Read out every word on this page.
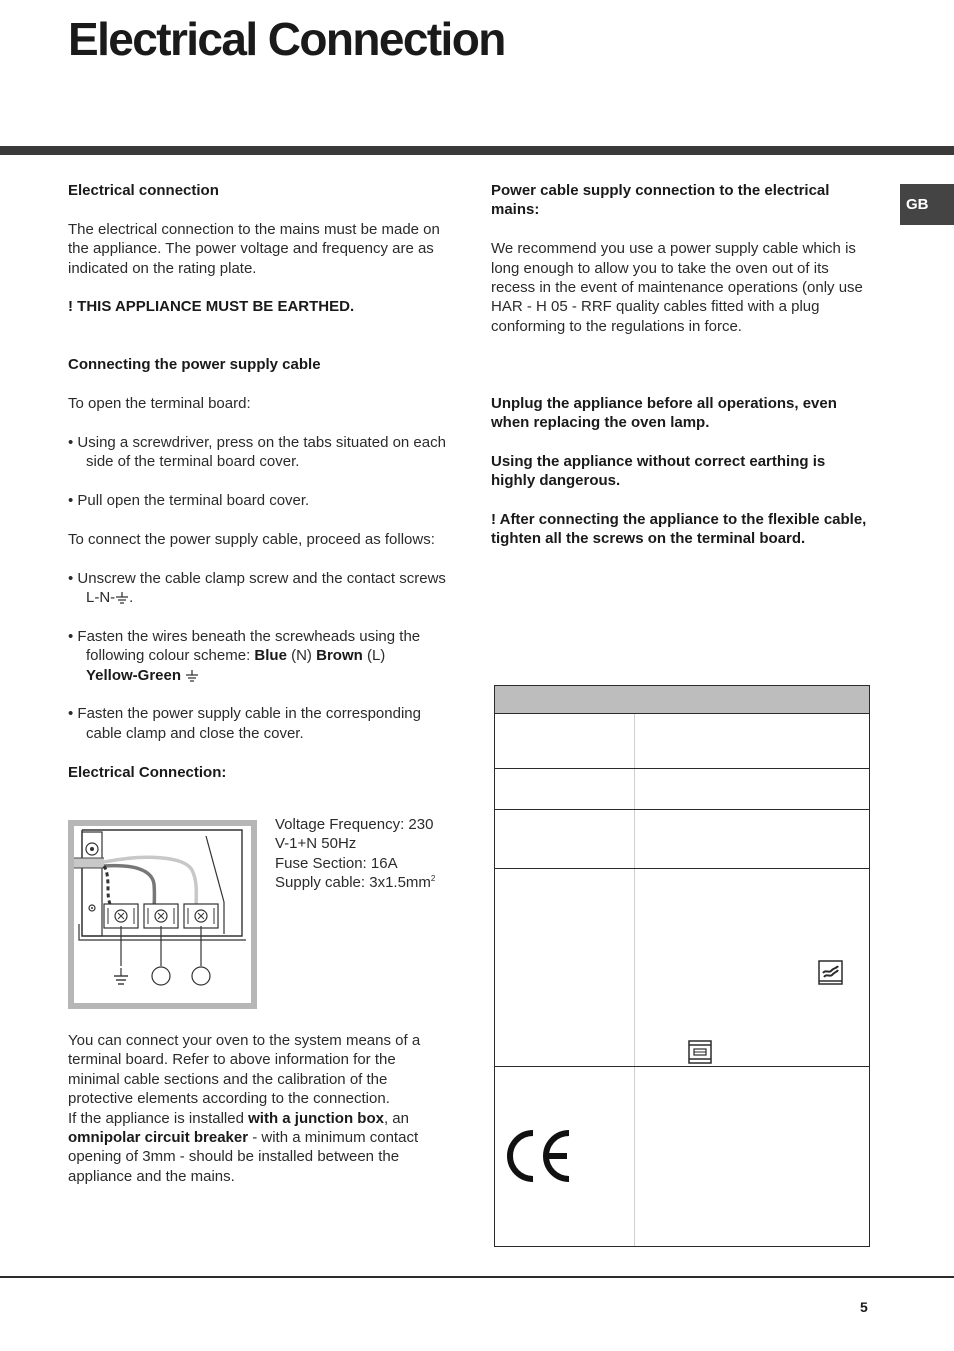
Electrical Connection
GB

Electrical connection

The electrical connection to the mains must be made on the appliance. The power voltage and frequency are as indicated on the rating plate.

! THIS APPLIANCE MUST BE EARTHED.

Connecting the power supply cable

To open the terminal board:

• Using a screwdriver, press on the tabs situated on each side of the terminal board cover.

• Pull open the terminal board cover.

To connect the power supply cable, proceed as follows:

• Unscrew the cable clamp screw and the contact screws L-N- .

• Fasten the wires beneath the screwheads using the following colour scheme: Blue (N) Brown (L)
Yellow-Green

• Fasten the power supply cable in the corresponding cable clamp and close the cover.

Electrical Connection:

Voltage Frequency: 230
V-1+N 50Hz
Fuse Section: 16A
Supply cable: $3x1.5mm^2$
You can connect your oven to the system means of a terminal board. Refer to above information for the minimal cable sections and the calibration of the protective elements according to the connection.
If the appliance is installed with a junction box, an omnipolar circuit breaker - with a minimum contact opening of 3mm - should be installed between the appliance and the mains.

Power cable supply connection to the electrical mains:

We recommend you use a power supply cable which is long enough to allow you to take the oven out of its recess in the event of maintenance operations (only use HAR - H 05 - RRF quality cables fitted with a plug conforming to the regulations in force.

Unplug the appliance before all operations, even when replacing the oven lamp.

Using the appliance without correct earthing is highly dangerous.

! After connecting the appliance to the flexible cable, tighten all the screws on the terminal board.

5
